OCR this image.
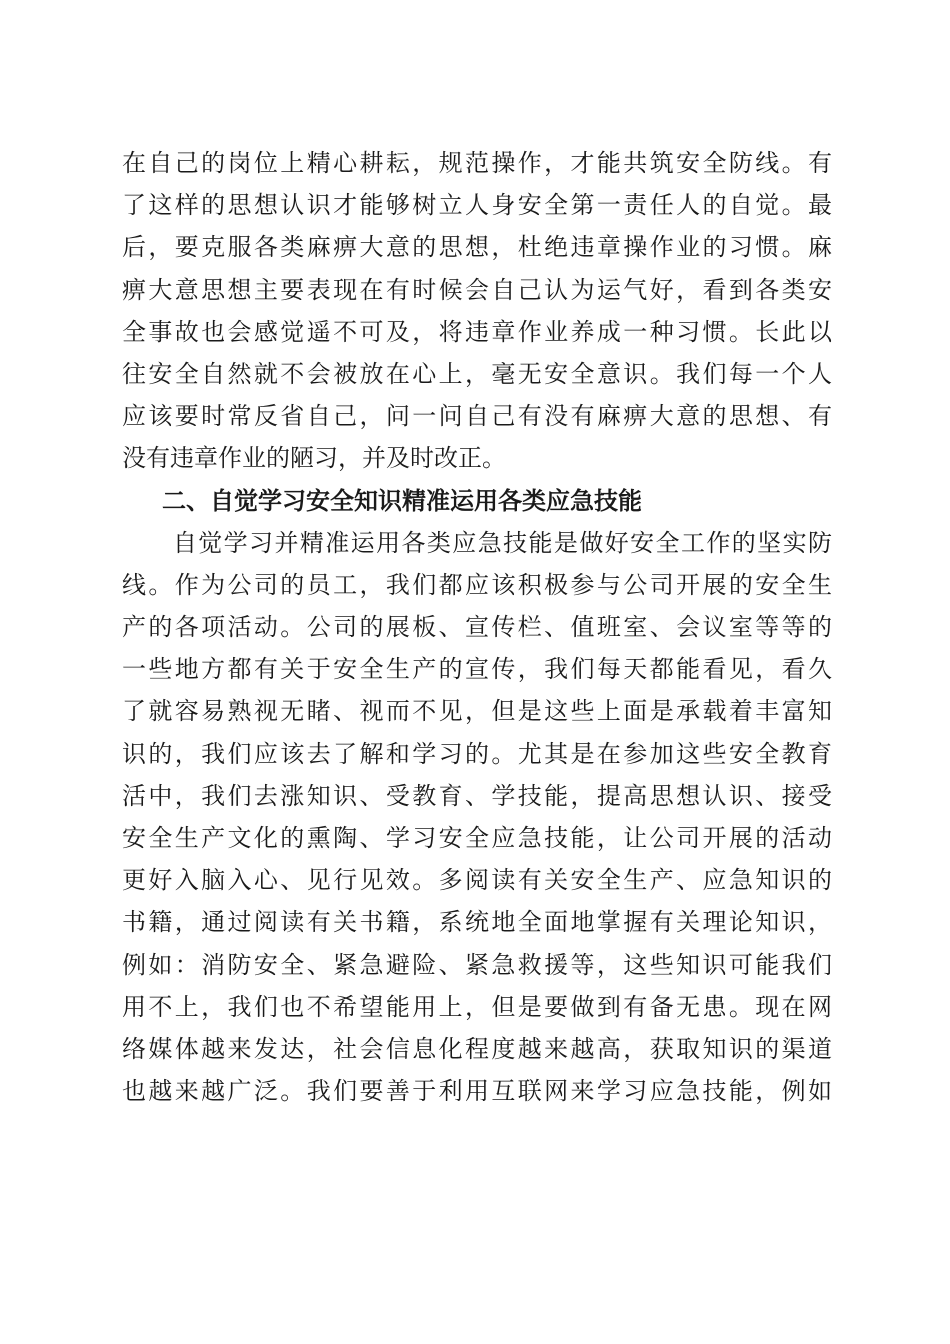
在自己的岗位上精心耕耘，规范操作，才能共筑安全防线。有
了这样的思想认识才能够树立人身安全第一责任人的自觉。最
后，要克服各类麻痹大意的思想，杜绝违章操作业的习惯。麻
痹大意思想主要表现在有时候会自己认为运气好，看到各类安
全事故也会感觉遥不可及，将违章作业养成一种习惯。长此以
往安全自然就不会被放在心上，毫无安全意识。我们每一个人
应该要时常反省自己，问一问自己有没有麻痹大意的思想、有
没有违章作业的陋习，并及时改正。
二、自觉学习安全知识精准运用各类应急技能
　　自觉学习并精准运用各类应急技能是做好安全工作的坚实防
线。作为公司的员工，我们都应该积极参与公司开展的安全生
产的各项活动。公司的展板、宣传栏、值班室、会议室等等的
一些地方都有关于安全生产的宣传，我们每天都能看见，看久
了就容易熟视无睹、视而不见，但是这些上面是承载着丰富知
识的，我们应该去了解和学习的。尤其是在参加这些安全教育
活中，我们去涨知识、受教育、学技能，提高思想认识、接受
安全生产文化的熏陶、学习安全应急技能，让公司开展的活动
更好入脑入心、见行见效。多阅读有关安全生产、应急知识的
书籍，通过阅读有关书籍，系统地全面地掌握有关理论知识，
例如：消防安全、紧急避险、紧急救援等，这些知识可能我们
用不上，我们也不希望能用上，但是要做到有备无患。现在网
络媒体越来发达，社会信息化程度越来越高，获取知识的渠道
也越来越广泛。我们要善于利用互联网来学习应急技能，例如
